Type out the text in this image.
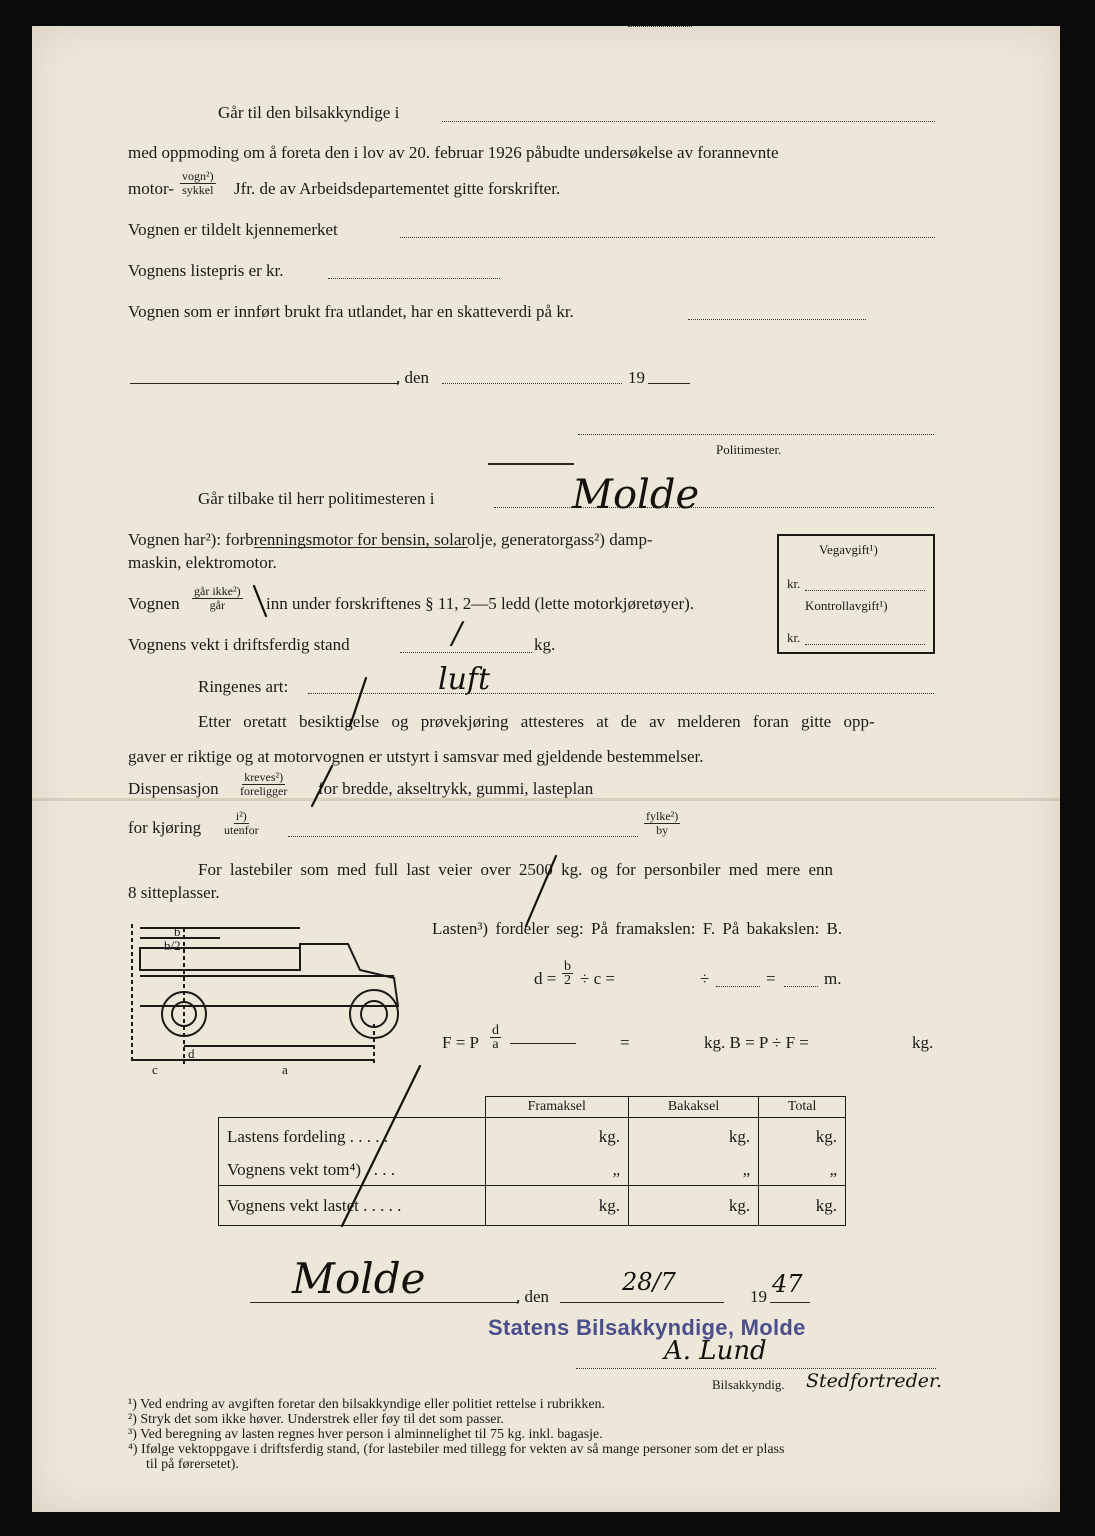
Går til den bilsakkyndige i
med oppmoding om å foreta den i lov av 20. februar 1926 påbudte undersøkelse av forannevnte
motor-
vogn²)
sykkel Jfr. de av Arbeidsdepartementet gitte forskrifter.
Vognen er tildelt kjennemerket
Vognens listepris er kr.
Vognen som er innført brukt fra utlandet, har en skatteverdi på kr.
, den	19
Politimester.
Går tilbake til herr politimesteren i	Molde
Vognen har²): forbrenningsmotor for bensin, solarolje, generatorgass²) damp-
maskin, elektromotor.
Vognen
går ikke²)
går inn under forskriftenes § 11, 2—5 ledd (lette motorkjøretøyer).
Vognens vekt i driftsferdig stand	/	kg.
Ringenes art:	luft
Vegavgift¹)
kr.
Kontrollavgift¹)
kr.
Etter oretatt besiktigelse og prøvekjøring attesteres at de av melderen foran gitte opp-
gaver er riktige og at motorvognen er utstyrt i samsvar med gjeldende bestemmelser.
Dispensasjon
kreves²)
foreligger for bredde, akseltrykk, gummi, lasteplan
for kjøring
i²)
utenfor
fylke²)
by
For lastebiler som med full last veier over 2500 kg. og for personbiler med mere enn
8 sitteplasser.
b
b/2
d
c	a
Lasten³) fordeler seg: På framakslen: F. På bakakslen: B.
$d = \frac{b}{2} \div c$ =	÷	=	m.
F = P $\frac{d}{a}$	=	kg. B = P ÷ F =	kg.
	Framaksel	Bakaksel	Total
Lastens fordeling . . . . .	kg.	kg.	kg.
Vognens vekt tom⁴) . . . .	„	„	„
Vognens vekt lastet . . . . .	kg.	kg.	kg.
Molde	, den
28/7
19 47
Statens Bilsakkyndige, Molde
A. Lund
Bilsakkyndig. Stedfortreder.
¹) Ved endring av avgiften foretar den bilsakkyndige eller politiet rettelse i rubrikken.
²) Stryk det som ikke høver. Understrek eller føy til det som passer.
³) Ved beregning av lasten regnes hver person i alminnelighet til 75 kg. inkl. bagasje.
⁴) Ifølge vektoppgave i driftsferdig stand, (for lastebiler med tillegg for vekten av så mange personer som det er plass
til på førersetet).
